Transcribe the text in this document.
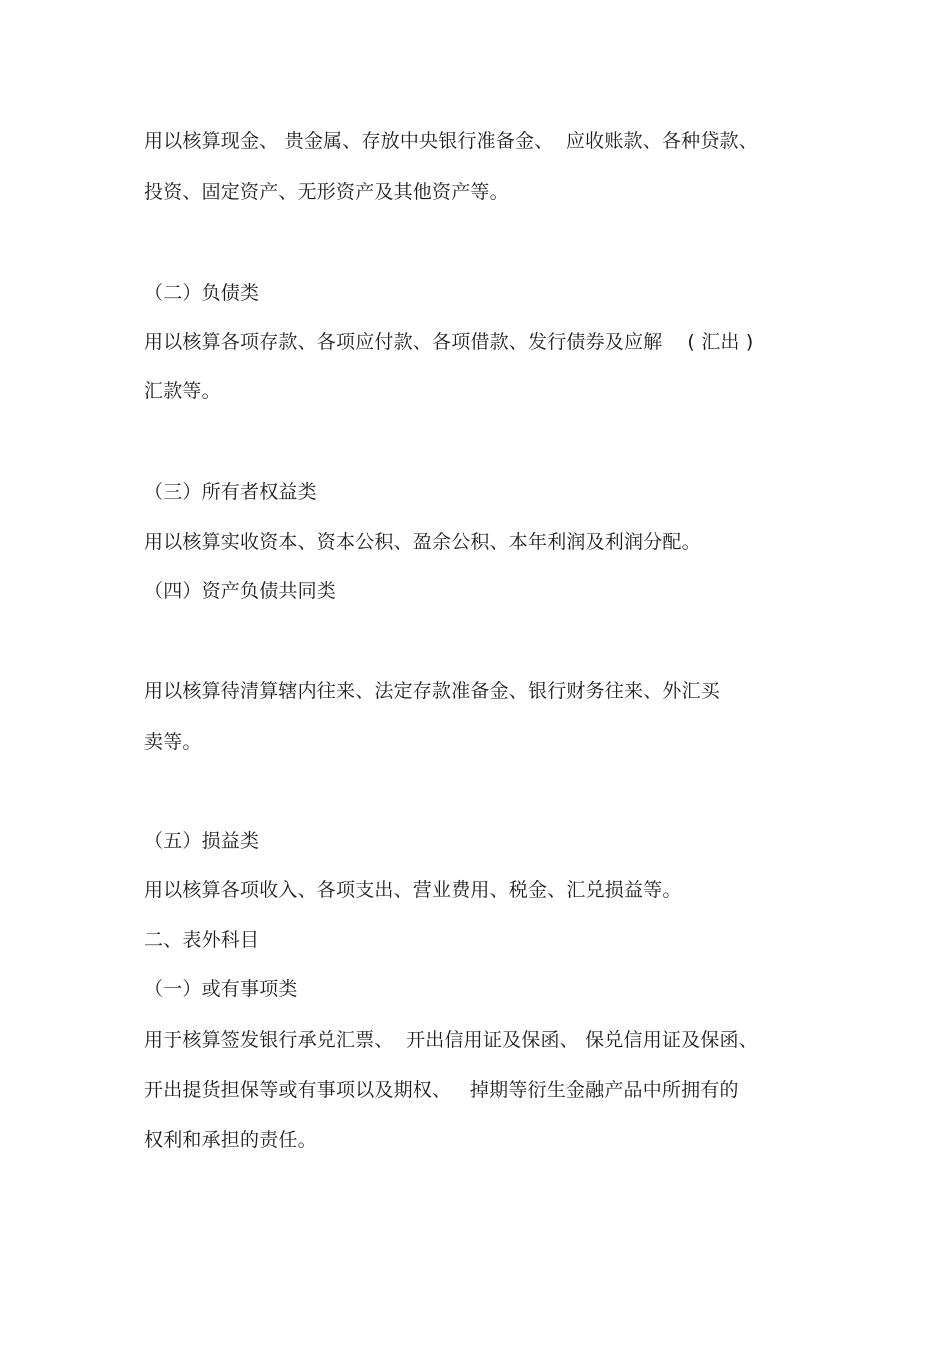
用以核算现金、 贵金属、存放中央银行准备金、  应收账款、各种贷款、
投资、固定资产、无形资产及其他资产等。
（二）负债类
用以核算各项存款、各项应付款、各项借款、发行债券及应解    ( 汇出 )
汇款等。
（三）所有者权益类
用以核算实收资本、资本公积、盈余公积、本年利润及利润分配。
（四）资产负债共同类
用以核算待清算辖内往来、法定存款准备金、银行财务往来、外汇买
卖等。
（五）损益类
用以核算各项收入、各项支出、营业费用、税金、汇兑损益等。
二、表外科目
（一）或有事项类
用于核算签发银行承兑汇票、  开出信用证及保函、 保兑信用证及保函、
开出提货担保等或有事项以及期权、   掉期等衍生金融产品中所拥有的
权利和承担的责任。
